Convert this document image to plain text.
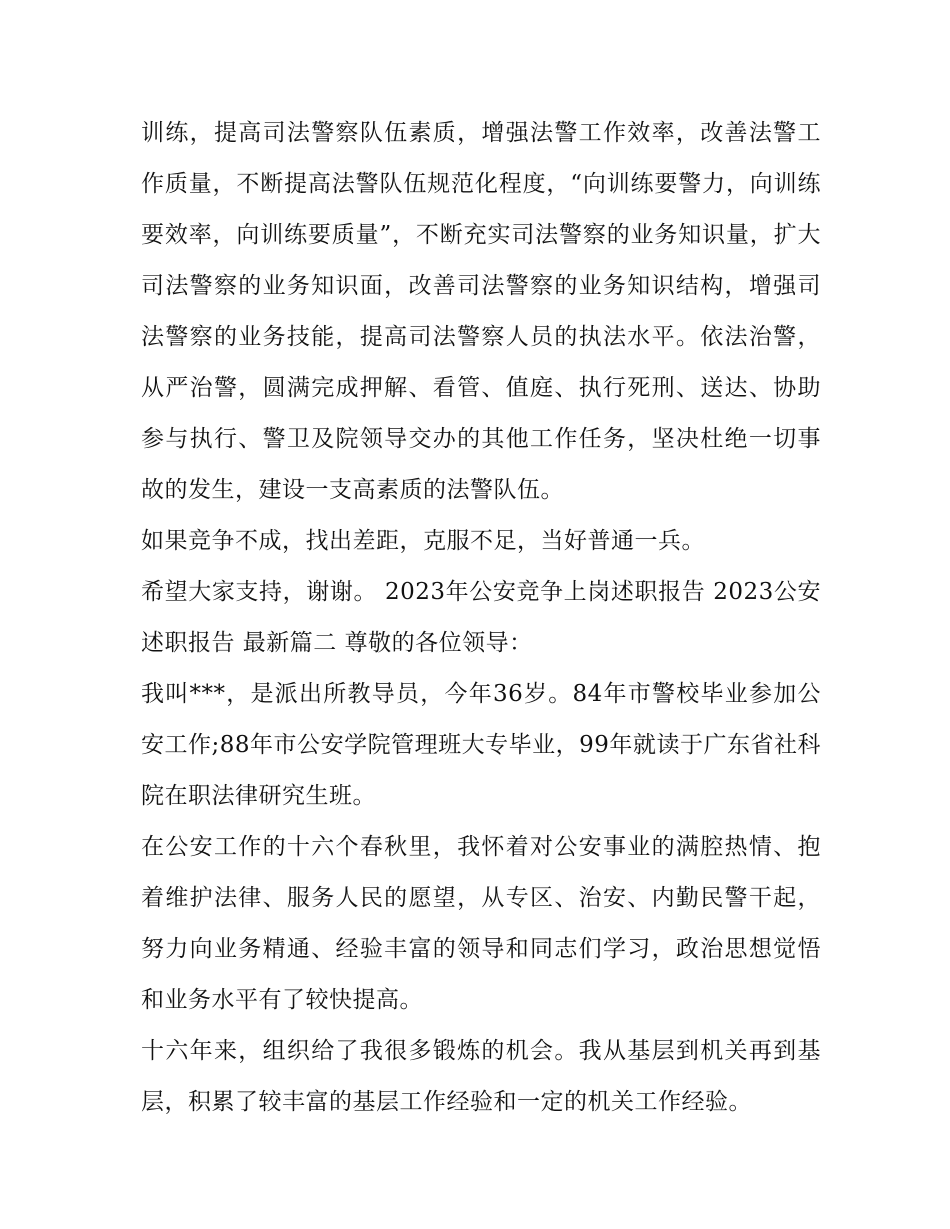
训练，提高司法警察队伍素质，增强法警工作效率，改善法警工作质量，不断提高法警队伍规范化程度，“向训练要警力，向训练要效率，向训练要质量”，不断充实司法警察的业务知识量，扩大司法警察的业务知识面，改善司法警察的业务知识结构，增强司法警察的业务技能，提高司法警察人员的执法水平。依法治警，从严治警，圆满完成押解、看管、值庭、执行死刑、送达、协助参与执行、警卫及院领导交办的其他工作任务，坚决杜绝一切事故的发生，建设一支高素质的法警队伍。

如果竞争不成，找出差距，克服不足，当好普通一兵。

希望大家支持，谢谢。 2023年公安竞争上岗述职报告 2023公安述职报告 最新篇二 尊敬的各位领导：

我叫***，是派出所教导员，今年36岁。84年市警校毕业参加公安工作;88年市公安学院管理班大专毕业，99年就读于广东省社科院在职法律研究生班。

在公安工作的十六个春秋里，我怀着对公安事业的满腔热情、抱着维护法律、服务人民的愿望，从专区、治安、内勤民警干起，努力向业务精通、经验丰富的领导和同志们学习，政治思想觉悟和业务水平有了较快提高。

十六年来，组织给了我很多锻炼的机会。我从基层到机关再到基层，积累了较丰富的基层工作经验和一定的机关工作经验。
